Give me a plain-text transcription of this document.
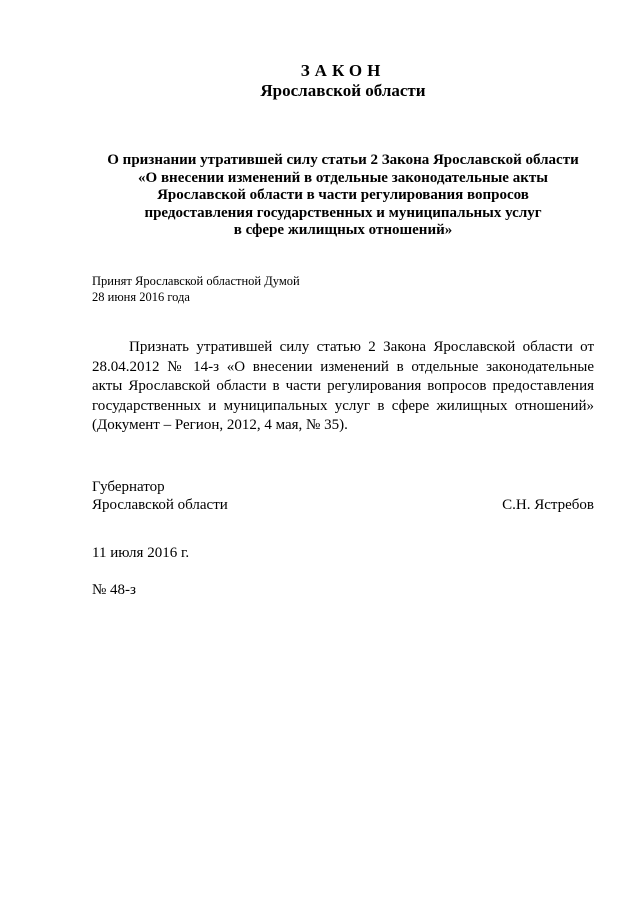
ЗАКОН
Ярославской области
О признании утратившей силу статьи 2 Закона Ярославской области
«О внесении изменений в отдельные законодательные акты
Ярославской области в части регулирования вопросов
предоставления государственных и муниципальных услуг
в сфере жилищных отношений»
Принят Ярославской областной Думой
28 июня 2016 года
Признать утратившей силу статью 2 Закона Ярославской области от
28.04.2012 № 14-з «О внесении изменений в отдельные законодательные
акты Ярославской области в части регулирования вопросов предоставления
государственных и муниципальных услуг в сфере жилищных отношений»
(Документ – Регион, 2012, 4 мая, № 35).
Губернатор
Ярославской области	С.Н. Ястребов
11 июля 2016 г.
№ 48-з
